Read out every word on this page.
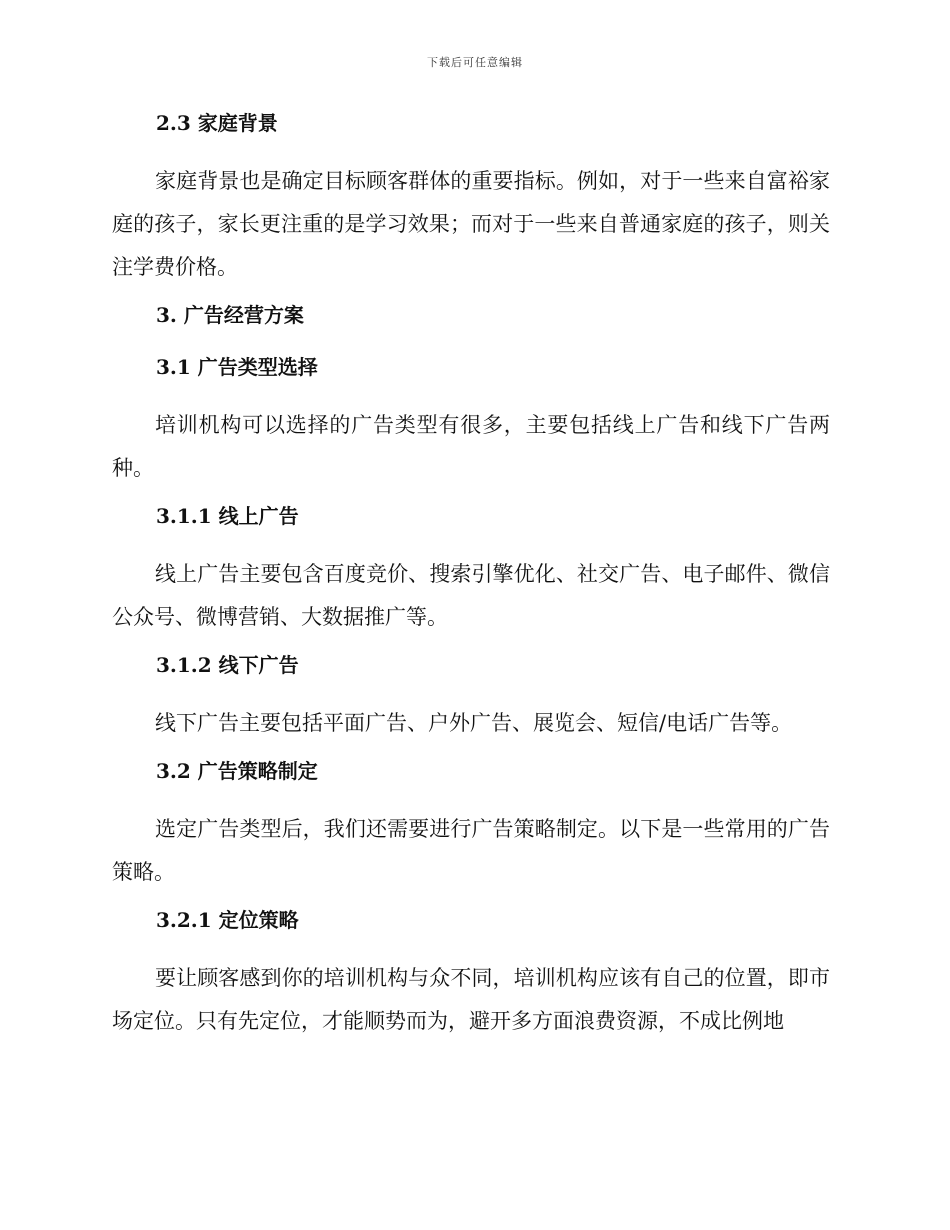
下载后可任意编辑
2.3 家庭背景

家庭背景也是确定目标顾客群体的重要指标。例如，对于一些来自富裕家庭的孩子，家长更注重的是学习效果；而对于一些来自普通家庭的孩子，则关注学费价格。

3. 广告经营方案
3.1 广告类型选择

培训机构可以选择的广告类型有很多，主要包括线上广告和线下广告两种。

3.1.1 线上广告

线上广告主要包含百度竞价、搜索引擎优化、社交广告、电子邮件、微信公众号、微博营销、大数据推广等。

3.1.2 线下广告

线下广告主要包括平面广告、户外广告、展览会、短信/电话广告等。

3.2 广告策略制定

选定广告类型后，我们还需要进行广告策略制定。以下是一些常用的广告策略。

3.2.1 定位策略

要让顾客感到你的培训机构与众不同，培训机构应该有自己的位置，即市场定位。只有先定位，才能顺势而为，避开多方面浪费资源，不成比例地
